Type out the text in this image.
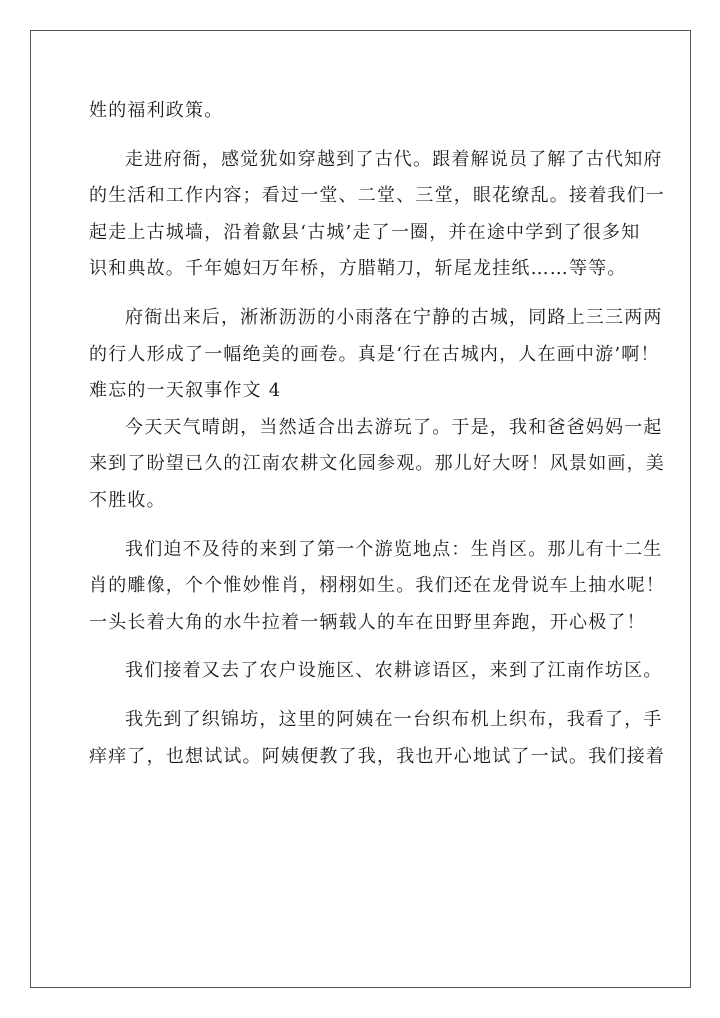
姓的福利政策。
走进府衙，感觉犹如穿越到了古代。跟着解说员了解了古代知府
的生活和工作内容；看过一堂、二堂、三堂，眼花缭乱。接着我们一
起走上古城墙，沿着歙县‘古城’走了一圈，并在途中学到了很多知
识和典故。千年媳妇万年桥，方腊鞘刀，斩尾龙挂纸……等等。
府衙出来后，淅淅沥沥的小雨落在宁静的古城，同路上三三两两
的行人形成了一幅绝美的画卷。真是‘行在古城内，人在画中游’啊！
难忘的一天叙事作文 4
今天天气晴朗，当然适合出去游玩了。于是，我和爸爸妈妈一起
来到了盼望已久的江南农耕文化园参观。那儿好大呀！风景如画，美
不胜收。
我们迫不及待的来到了第一个游览地点：生肖区。那儿有十二生
肖的雕像，个个惟妙惟肖，栩栩如生。我们还在龙骨说车上抽水呢！
一头长着大角的水牛拉着一辆载人的车在田野里奔跑，开心极了！
我们接着又去了农户设施区、农耕谚语区，来到了江南作坊区。
我先到了织锦坊，这里的阿姨在一台织布机上织布，我看了，手
痒痒了，也想试试。阿姨便教了我，我也开心地试了一试。我们接着
